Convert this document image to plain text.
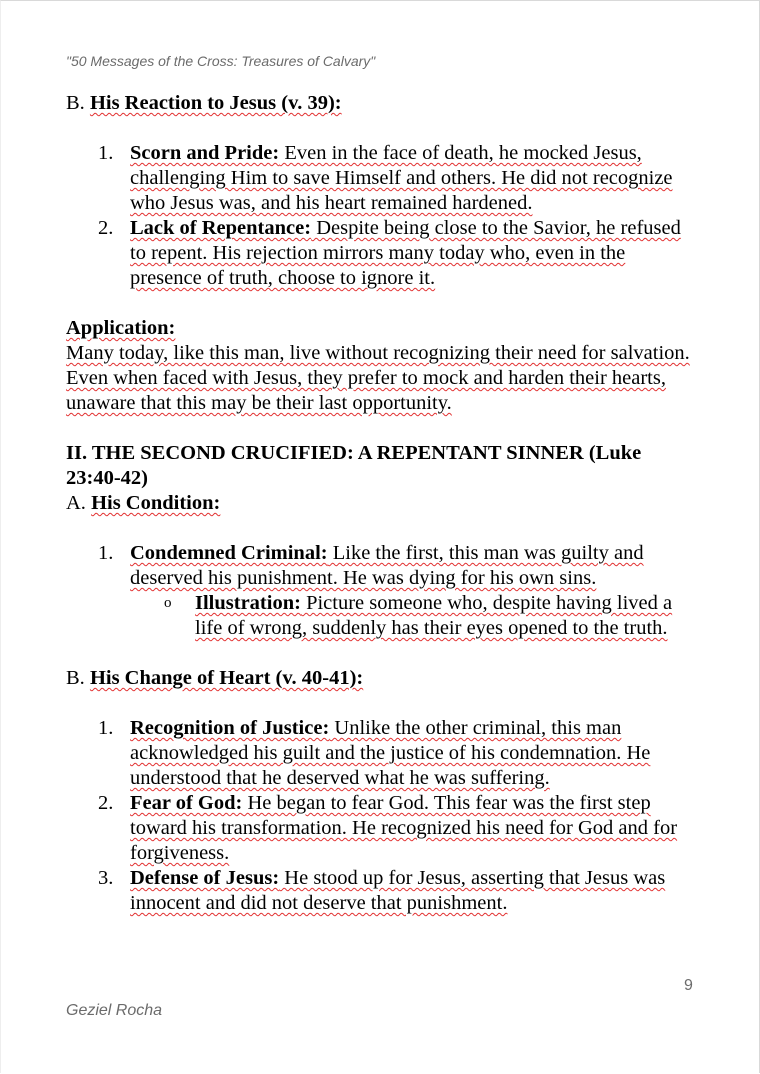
"50 Messages of the Cross: Treasures of Calvary"

B. His Reaction to Jesus (v. 39):

1. Scorn and Pride: Even in the face of death, he mocked Jesus, challenging Him to save Himself and others. He did not recognize who Jesus was, and his heart remained hardened.
2. Lack of Repentance: Despite being close to the Savior, he refused to repent. His rejection mirrors many today who, even in the presence of truth, choose to ignore it.

Application:

Many today, like this man, live without recognizing their need for salvation. Even when faced with Jesus, they prefer to mock and harden their hearts, unaware that this may be their last opportunity.

II. THE SECOND CRUCIFIED: A REPENTANT SINNER (Luke 23:40-42)

A. His Condition:

1. Condemned Criminal: Like the first, this man was guilty and deserved his punishment. He was dying for his own sins.
o Illustration: Picture someone who, despite having lived a life of wrong, suddenly has their eyes opened to the truth.

B. His Change of Heart (v. 40-41):

1. Recognition of Justice: Unlike the other criminal, this man acknowledged his guilt and the justice of his condemnation. He understood that he deserved what he was suffering.
2. Fear of God: He began to fear God. This fear was the first step toward his transformation. He recognized his need for God and for forgiveness.
3. Defense of Jesus: He stood up for Jesus, asserting that Jesus was innocent and did not deserve that punishment.
9
Geziel Rocha
